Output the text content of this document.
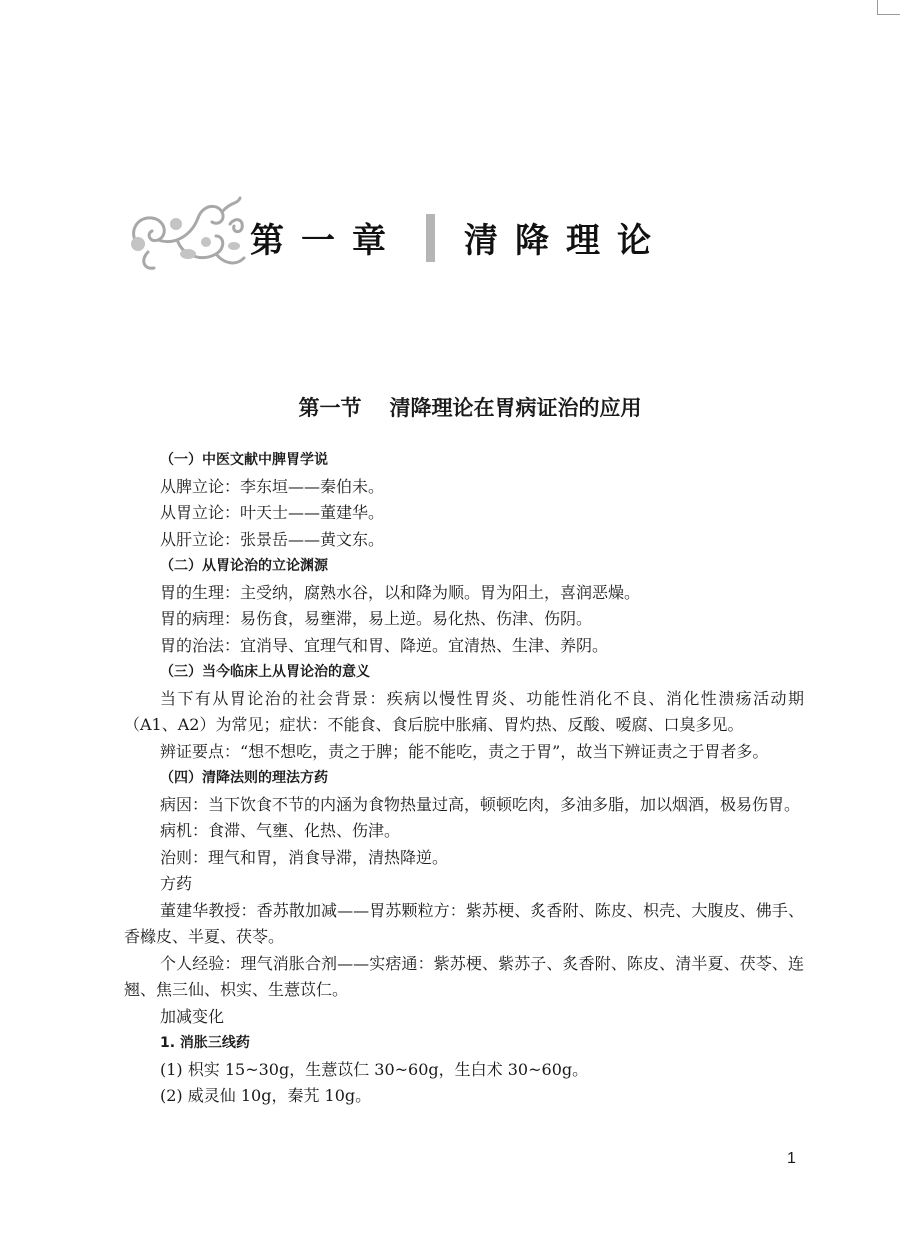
第一章 清降理论
第一节 清降理论在胃病证治的应用

（一）中医文献中脾胃学说

从脾立论：李东垣——秦伯未。

从胃立论：叶天士——董建华。

从肝立论：张景岳——黄文东。

（二）从胃论治的立论渊源

胃的生理：主受纳，腐熟水谷，以和降为顺。胃为阳土，喜润恶燥。

胃的病理：易伤食，易壅滞，易上逆。易化热、伤津、伤阴。

胃的治法：宜消导、宜理气和胃、降逆。宜清热、生津、养阴。

（三）当今临床上从胃论治的意义

当下有从胃论治的社会背景：疾病以慢性胃炎、功能性消化不良、消化性溃疡活动期（A1、A2）为常见；症状：不能食、食后脘中胀痛、胃灼热、反酸、嗳腐、口臭多见。

辨证要点：“想不想吃，责之于脾；能不能吃，责之于胃”，故当下辨证责之于胃者多。

（四）清降法则的理法方药

病因：当下饮食不节的内涵为食物热量过高，顿顿吃肉，多油多脂，加以烟酒，极易伤胃。

病机：食滞、气壅、化热、伤津。

治则：理气和胃，消食导滞，清热降逆。

方药

董建华教授：香苏散加减——胃苏颗粒方：紫苏梗、炙香附、陈皮、枳壳、大腹皮、佛手、香橼皮、半夏、茯苓。

个人经验：理气消胀合剂——实痞通：紫苏梗、紫苏子、炙香附、陈皮、清半夏、茯苓、连翘、焦三仙、枳实、生薏苡仁。

加减变化

1. 消胀三线药

(1) 枳实 15~30g，生薏苡仁 30~60g，生白术 30~60g。

(2) 威灵仙 10g，秦艽 10g。

1
